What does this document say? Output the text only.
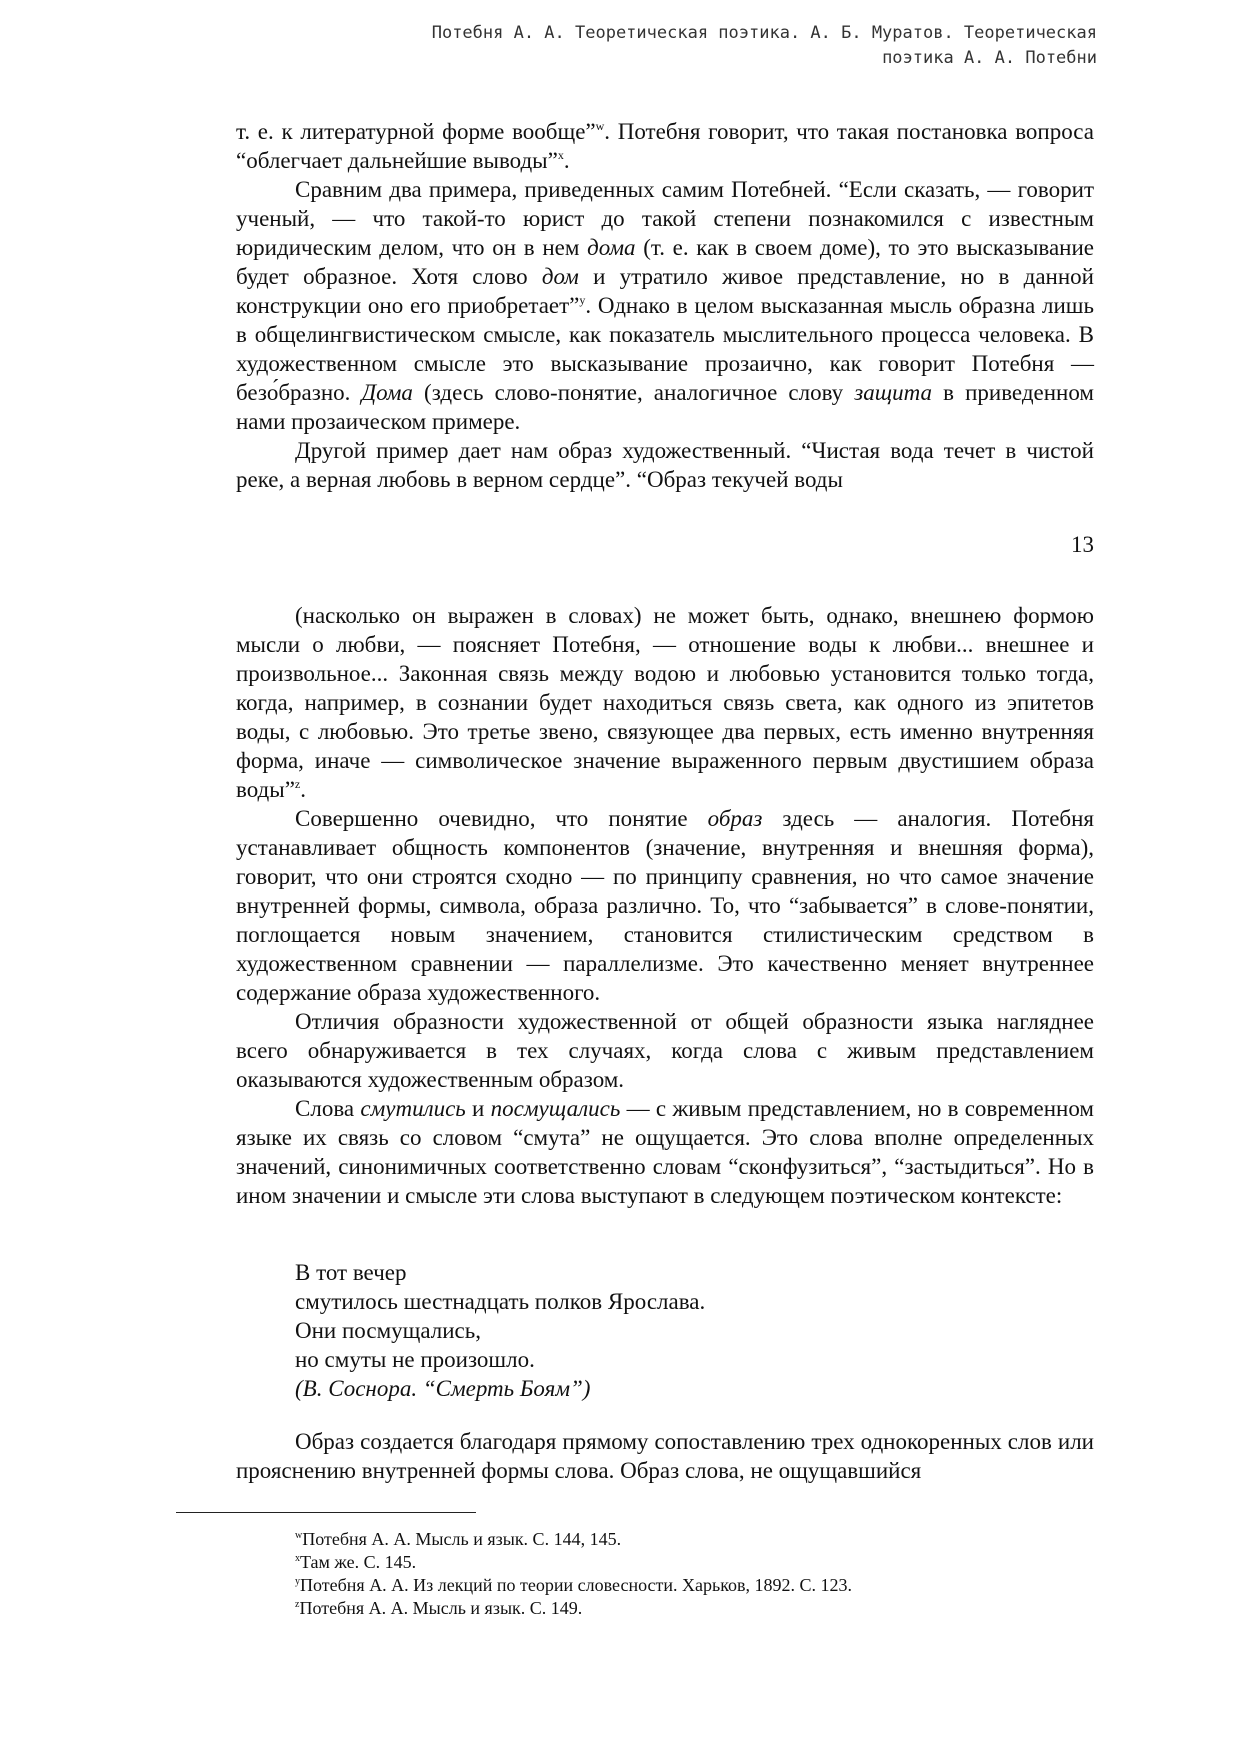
Потебня А. А. Теоретическая поэтика. А. Б. Муратов. Теоретическая
поэтика А. А. Потебни

т. е. к литературной форме вообще”$^w$. Потебня говорит, что такая постановка вопроса “облегчает дальнейшие выводы”$^x$.

Сравним два примера, приведенных самим Потебней. “Если сказать, — говорит ученый, — что такой-то юрист до такой степени познакомился с известным юридическим делом, что он в нем дома (т. е. как в своем доме), то это высказывание будет образное. Хотя слово дом и утратило живое представление, но в данной конструкции оно его приобретает”$^y$. Однако в целом высказанная мысль образна лишь в общелингвистическом смысле, как показатель мыслительного процесса человека. В художественном смысле это высказывание прозаично, как говорит Потебня — безо́бразно. Дома (здесь слово-понятие, аналогичное слову защита в приведенном нами прозаическом примере.

Другой пример дает нам образ художественный. “Чистая вода течет в чистой реке, а верная любовь в верном сердце”. “Образ текучей воды

13

(насколько он выражен в словах) не может быть, однако, внешнею формою мысли о любви, — поясняет Потебня, — отношение воды к любви... внешнее и произвольное... Законная связь между водою и любовью установится только тогда, когда, например, в сознании будет находиться связь света, как одного из эпитетов воды, с любовью. Это третье звено, связующее два первых, есть именно внутренняя форма, иначе — символическое значение выраженного первым двустишием образа воды”$^z$.

Совершенно очевидно, что понятие образ здесь — аналогия. Потебня устанавливает общность компонентов (значение, внутренняя и внешняя форма), говорит, что они строятся сходно — по принципу сравнения, но что самое значение внутренней формы, символа, образа различно. То, что “забывается” в слове-понятии, поглощается новым значением, становится стилистическим средством в художественном сравнении — параллелизме. Это качественно меняет внутреннее содержание образа художественного.

Отличия образности художественной от общей образности языка нагляднее всего обнаруживается в тех случаях, когда слова с живым представлением оказываются художественным образом.

Слова смутились и посмущались — с живым представлением, но в современном языке их связь со словом “смута” не ощущается. Это слова вполне определенных значений, синонимичных соответственно словам “сконфузиться”, “застыдиться”. Но в ином значении и смысле эти слова выступают в следующем поэтическом контексте:

В тот вечер
смутилось шестнадцать полков Ярослава.
Они посмущались,
но смуты не произошло.
(В. Соснора. “Смерть Боям”)

Образ создается благодаря прямому сопоставлению трех однокоренных слов или прояснению внутренней формы слова. Образ слова, не ощущавшийся

$^w$Потебня А. А. Мысль и язык. С. 144, 145.
$^x$Там же. С. 145.
$^y$Потебня А. А. Из лекций по теории словесности. Харьков, 1892. С. 123.
$^z$Потебня А. А. Мысль и язык. С. 149.
